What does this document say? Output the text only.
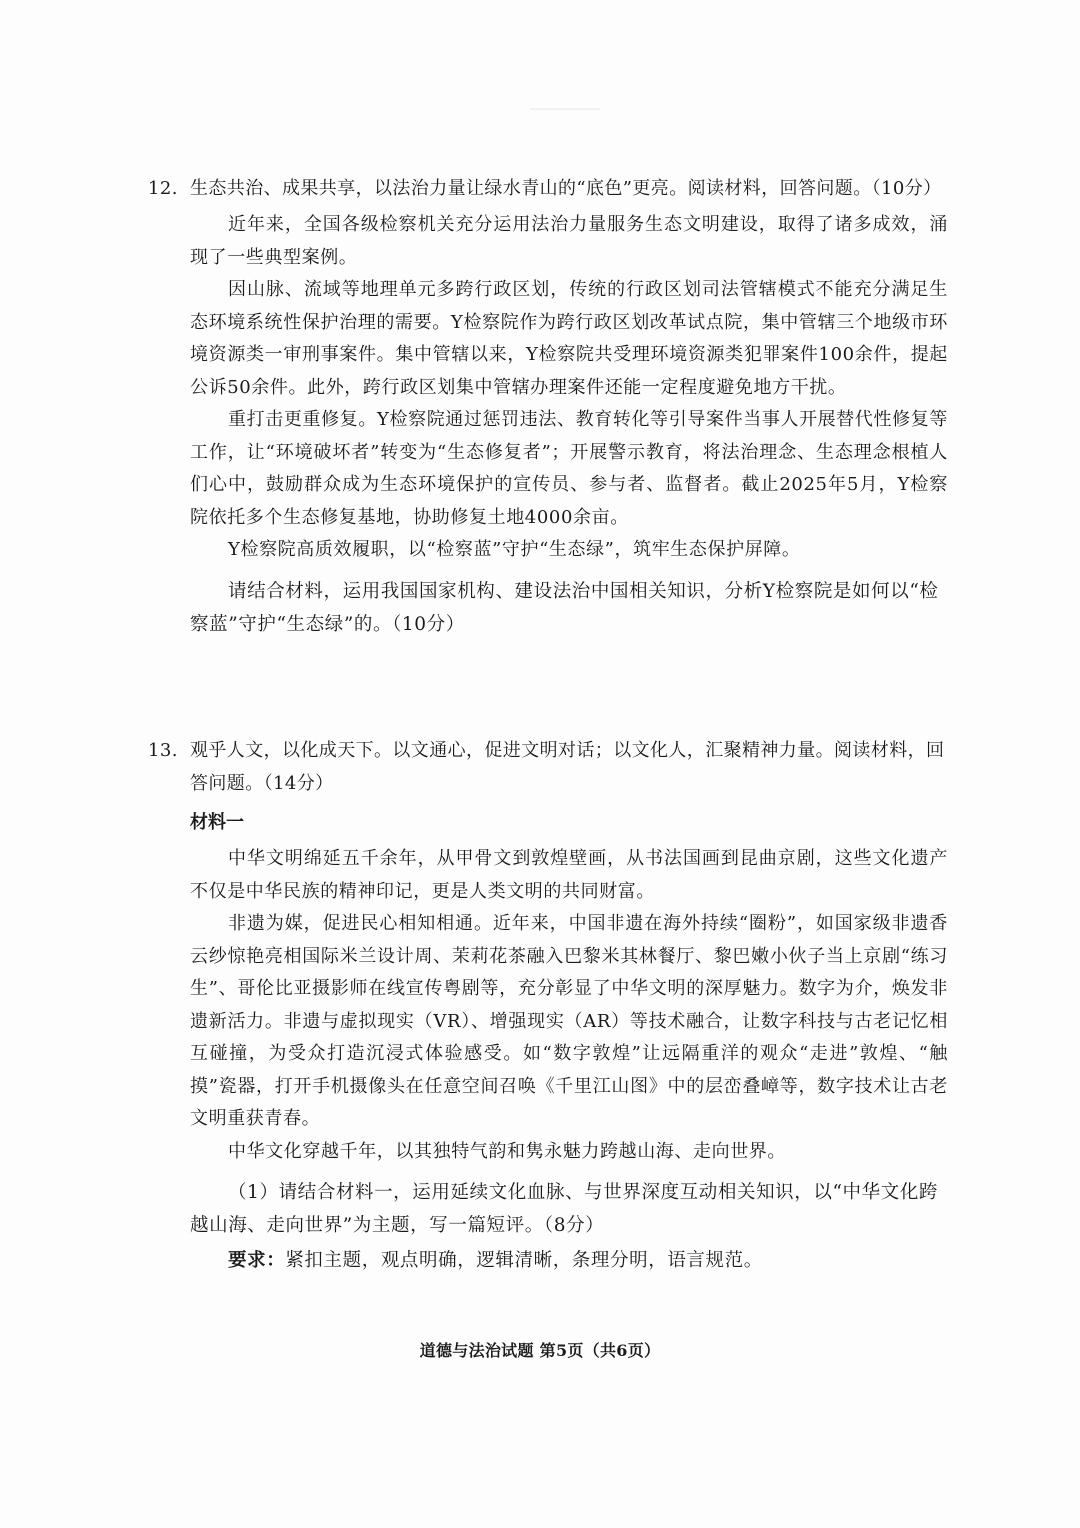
12. 生态共治、成果共享，以法治力量让绿水青山的“底色”更亮。阅读材料，回答问题。（10分）

近年来，全国各级检察机关充分运用法治力量服务生态文明建设，取得了诸多成效，涌现了一些典型案例。

因山脉、流域等地理单元多跨行政区划，传统的行政区划司法管辖模式不能充分满足生态环境系统性保护治理的需要。Y检察院作为跨行政区划改革试点院，集中管辖三个地级市环境资源类一审刑事案件。集中管辖以来，Y检察院共受理环境资源类犯罪案件100余件，提起公诉50余件。此外，跨行政区划集中管辖办理案件还能一定程度避免地方干扰。

重打击更重修复。Y检察院通过惩罚违法、教育转化等引导案件当事人开展替代性修复等工作，让“环境破坏者”转变为“生态修复者”；开展警示教育，将法治理念、生态理念根植人们心中，鼓励群众成为生态环境保护的宣传员、参与者、监督者。截止2025年5月，Y检察院依托多个生态修复基地，协助修复土地4000余亩。

Y检察院高质效履职，以“检察蓝”守护“生态绿”，筑牢生态保护屏障。

请结合材料，运用我国国家机构、建设法治中国相关知识，分析Y检察院是如何以“检察蓝”守护“生态绿”的。（10分）

13. 观乎人文，以化成天下。以文通心，促进文明对话；以文化人，汇聚精神力量。阅读材料，回答问题。（14分）
材料一

中华文明绵延五千余年，从甲骨文到敦煌壁画，从书法国画到昆曲京剧，这些文化遗产不仅是中华民族的精神印记，更是人类文明的共同财富。

非遗为媒，促进民心相知相通。近年来，中国非遗在海外持续“圈粉”，如国家级非遗香云纱惊艳亮相国际米兰设计周、茉莉花茶融入巴黎米其林餐厅、黎巴嫩小伙子当上京剧“练习生”、哥伦比亚摄影师在线宣传粤剧等，充分彰显了中华文明的深厚魅力。数字为介，焕发非遗新活力。非遗与虚拟现实（VR）、增强现实（AR）等技术融合，让数字科技与古老记忆相互碰撞，为受众打造沉浸式体验感受。如“数字敦煌”让远隔重洋的观众“走进”敦煌、“触摸”瓷器，打开手机摄像头在任意空间召唤《千里江山图》中的层峦叠嶂等，数字技术让古老文明重获青春。

中华文化穿越千年，以其独特气韵和隽永魅力跨越山海、走向世界。

（1）请结合材料一，运用延续文化血脉、与世界深度互动相关知识，以“中华文化跨越山海、走向世界”为主题，写一篇短评。（8分）

要求：紧扣主题，观点明确，逻辑清晰，条理分明，语言规范。

道德与法治试题 第5页（共6页）
